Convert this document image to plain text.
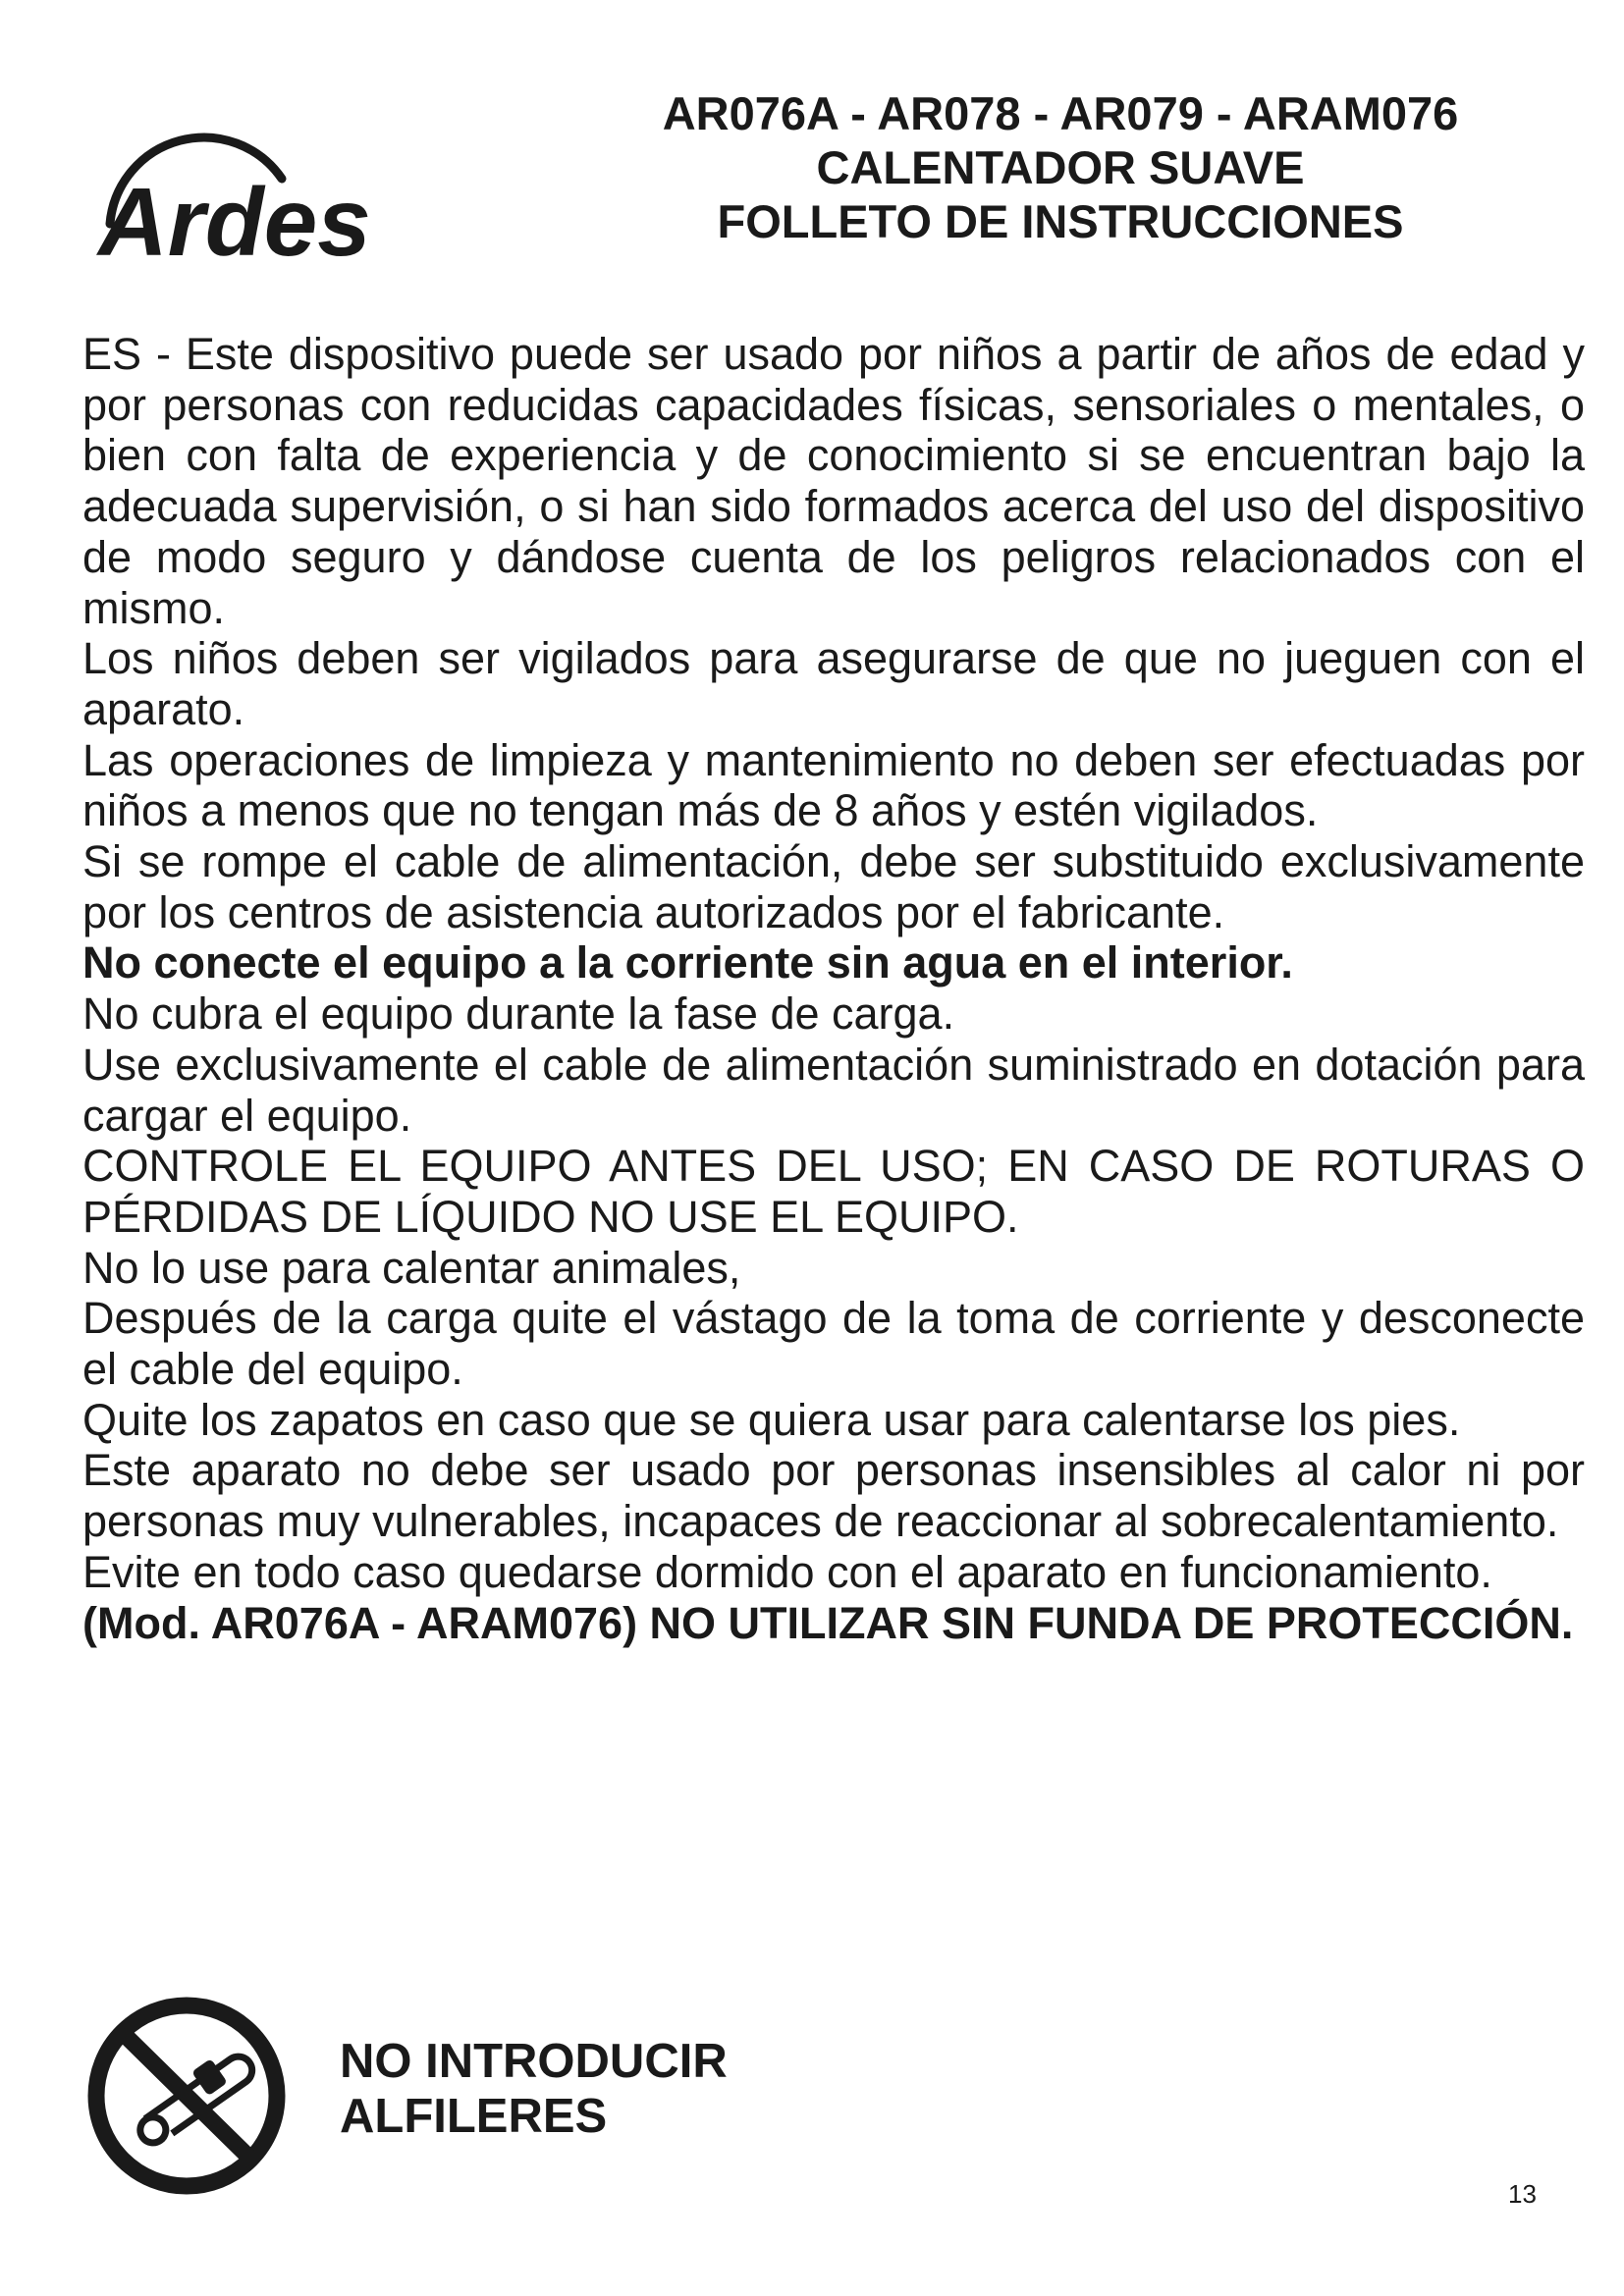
Ardes
AR076A - AR078 - AR079 - ARAM076
CALENTADOR SUAVE
FOLLETO DE INSTRUCCIONES

ES - Este dispositivo puede ser usado por niños a partir de años de edad y por personas con reducidas capacidades físicas, sensoriales o mentales, o bien con falta de experiencia y de conocimiento si se encuentran bajo la adecuada supervisión, o si han sido formados acerca del uso del dispositivo de modo seguro y dándose cuenta de los peligros relacionados con el mismo.

Los niños deben ser vigilados para asegurarse de que no jueguen con el aparato.

Las operaciones de limpieza y mantenimiento no deben ser efectuadas por niños a menos que no tengan más de 8 años y estén vigilados.

Si se rompe el cable de alimentación, debe ser substituido exclusivamente por los centros de asistencia autorizados por el fabricante.

No conecte el equipo a la corriente sin agua en el interior.

No cubra el equipo durante la fase de carga.

Use exclusivamente el cable de alimentación suministrado en dotación para cargar el equipo.

CONTROLE EL EQUIPO ANTES DEL USO; EN CASO DE ROTURAS O PÉRDIDAS DE LÍQUIDO NO USE EL EQUIPO.

No lo use para calentar animales,

Después de la carga quite el vástago de la toma de corriente y desconecte el cable del equipo.

Quite los zapatos en caso que se quiera usar para calentarse los pies.

Este aparato no debe ser usado por personas insensibles al calor ni por personas muy vulnerables, incapaces de reaccionar al sobrecalentamiento.

Evite en todo caso quedarse dormido con el aparato en funcionamiento.

(Mod. AR076A - ARAM076) NO UTILIZAR SIN FUNDA DE PROTECCIÓN.

NO INTRODUCIR
ALFILERES
13
